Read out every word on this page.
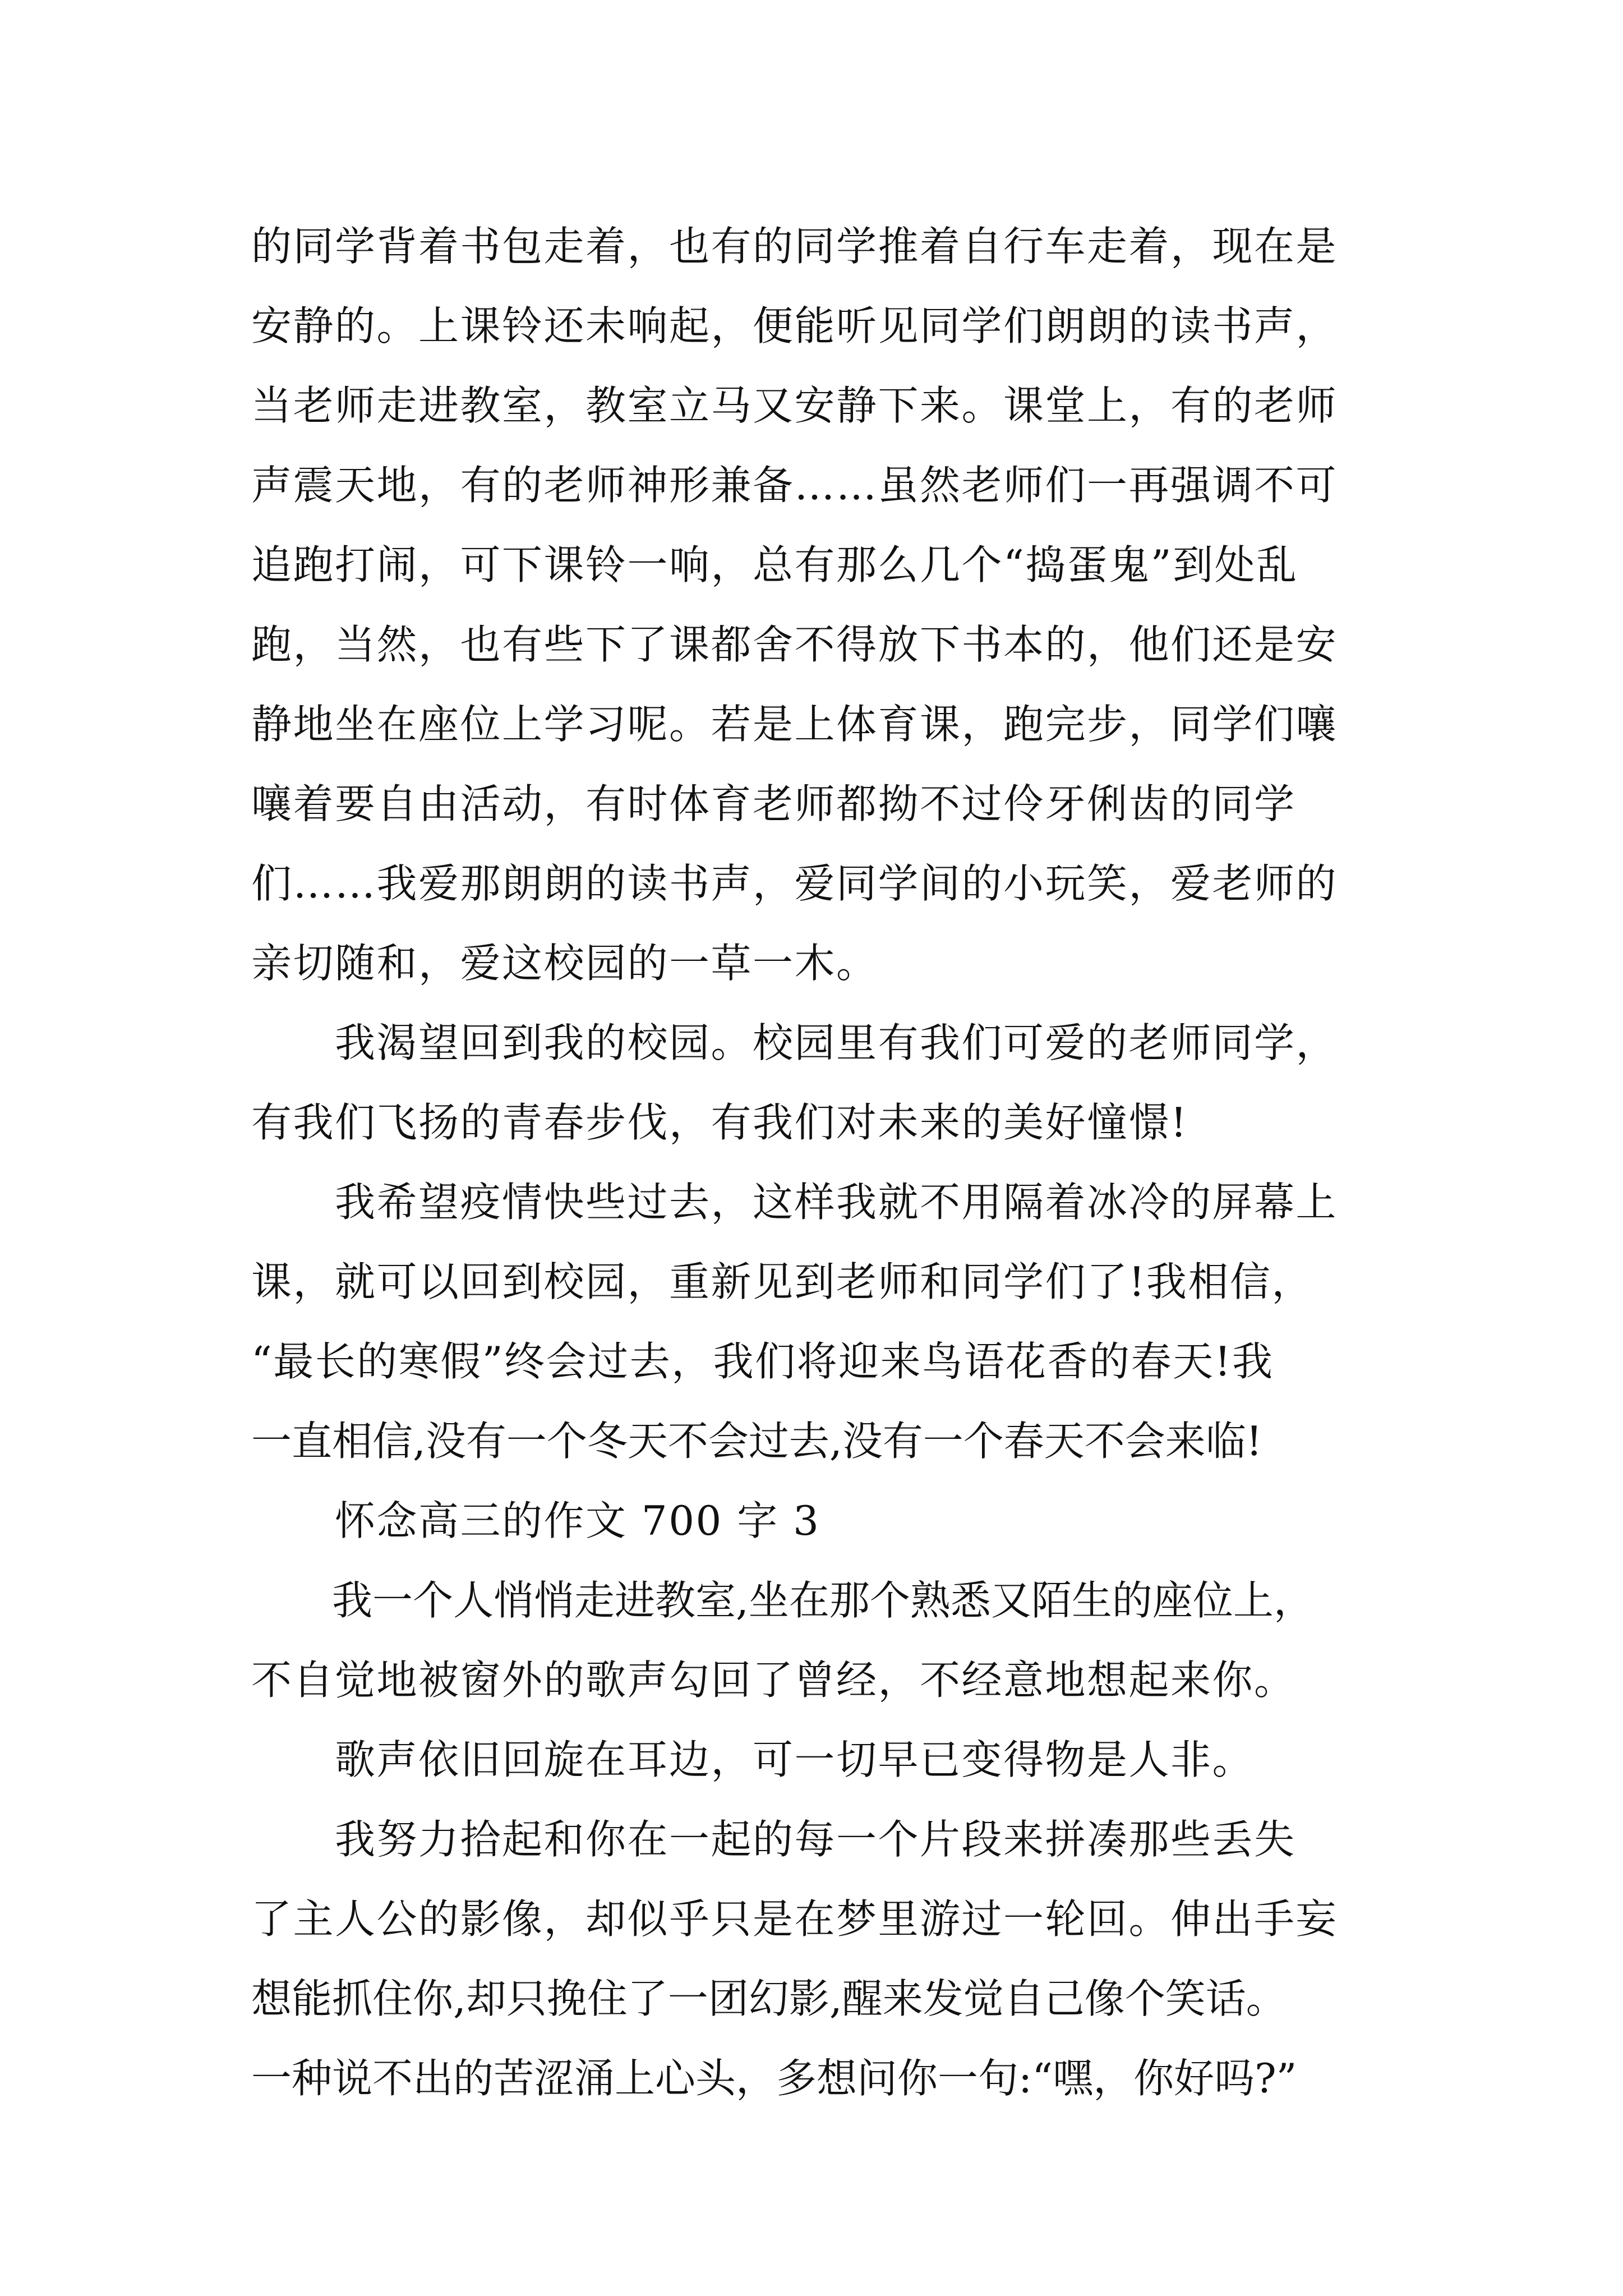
的同学背着书包走着，也有的同学推着自行车走着，现在是
安静的。上课铃还未响起，便能听见同学们朗朗的读书声，
当老师走进教室，教室立马又安静下来。课堂上，有的老师
声震天地，有的老师神形兼备……虽然老师们一再强调不可
追跑打闹，可下课铃一响，总有那么几个“捣蛋鬼”到处乱
跑，当然，也有些下了课都舍不得放下书本的，他们还是安
静地坐在座位上学习呢。若是上体育课，跑完步，同学们嚷
嚷着要自由活动，有时体育老师都拗不过伶牙俐齿的同学
们……我爱那朗朗的读书声，爱同学间的小玩笑，爱老师的
亲切随和，爱这校园的一草一木。
　　我渴望回到我的校园。校园里有我们可爱的老师同学，
有我们飞扬的青春步伐，有我们对未来的美好憧憬!
　　我希望疫情快些过去，这样我就不用隔着冰冷的屏幕上
课，就可以回到校园，重新见到老师和同学们了!我相信，
“最长的寒假”终会过去，我们将迎来鸟语花香的春天!我
一直相信,没有一个冬天不会过去,没有一个春天不会来临!
　　怀念高三的作文 700 字 3
　　我一个人悄悄走进教室,坐在那个熟悉又陌生的座位上，
不自觉地被窗外的歌声勾回了曾经，不经意地想起来你。
　　歌声依旧回旋在耳边，可一切早已变得物是人非。
　　我努力拾起和你在一起的每一个片段来拼凑那些丢失
了主人公的影像，却似乎只是在梦里游过一轮回。伸出手妄
想能抓住你,却只挽住了一团幻影,醒来发觉自己像个笑话。
一种说不出的苦涩涌上心头，多想问你一句:“嘿，你好吗?”
